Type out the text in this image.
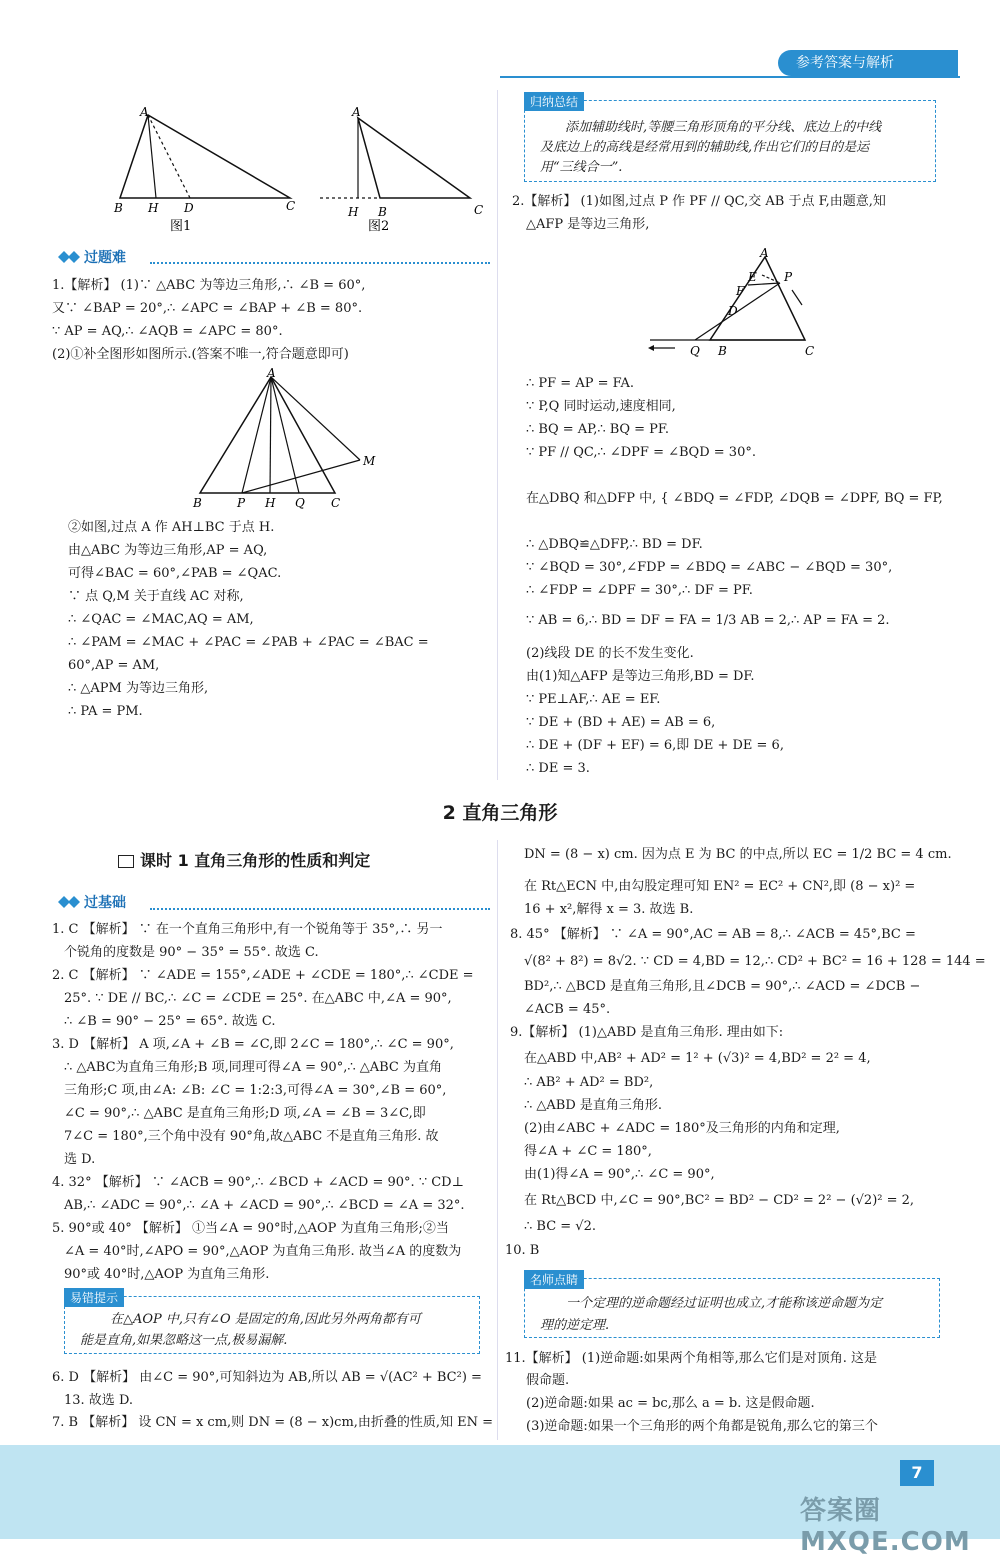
参考答案与解析
A
B H D	C
A
H B	C
图1	图2
过题难
1.【解析】 (1)∵ △ABC 为等边三角形,∴ ∠B = 60°,
又∵ ∠BAP = 20°,∴ ∠APC = ∠BAP + ∠B = 80°.
∵ AP = AQ,∴ ∠AQB = ∠APC = 80°.
(2)①补全图形如图所示.(答案不唯一,符合题意即可)
A
B	P H Q C
M
②如图,过点 A 作 AH⊥BC 于点 H.
由△ABC 为等边三角形,AP = AQ,
可得∠BAC = 60°,∠PAB = ∠QAC.
∵ 点 Q,M 关于直线 AC 对称,
∴ ∠QAC = ∠MAC,AQ = AM,
∴ ∠PAM = ∠MAC + ∠PAC = ∠PAB + ∠PAC = ∠BAC =
60°,AP = AM,
∴ △APM 为等边三角形,
∴ PA = PM.
归纳总结
添加辅助线时,等腰三角形顶角的平分线、底边上的中线
及底边上的高线是经常用到的辅助线,作出它们的目的是运
用“三线合一”.
2.【解析】 (1)如图,过点 P 作 PF // QC,交 AB 于点 F,由题意,知
△AFP 是等边三角形,
A
E P
F
D
Q B	C
∴ PF = AP = FA.
∵ P,Q 同时运动,速度相同,
∴ BQ = AP,∴ BQ = PF.
∵ PF // QC,∴ ∠DPF = ∠BQD = 30°.
在△DBQ 和△DFP 中, { ∠BDQ = ∠FDP, ∠DQB = ∠DPF, BQ = FP,
∴ △DBQ≌△DFP,∴ BD = DF.
∵ ∠BQD = 30°,∠FDP = ∠BDQ = ∠ABC − ∠BQD = 30°,
∴ ∠FDP = ∠DPF = 30°,∴ DF = PF.
∵ AB = 6,∴ BD = DF = FA = 1/3 AB = 2,∴ AP = FA = 2.
(2)线段 DE 的长不发生变化.
由(1)知△AFP 是等边三角形,BD = DF.
∵ PE⊥AF,∴ AE = EF.
∵ DE + (BD + AE) = AB = 6,
∴ DE + (DF + EF) = 6,即 DE + DE = 6,
∴ DE = 3.
2 直角三角形
课时 1 直角三角形的性质和判定
过基础
1. C 【解析】 ∵ 在一个直角三角形中,有一个锐角等于 35°,∴ 另一
个锐角的度数是 90° − 35° = 55°. 故选 C.
2. C 【解析】 ∵ ∠ADE = 155°,∠ADE + ∠CDE = 180°,∴ ∠CDE =
25°. ∵ DE // BC,∴ ∠C = ∠CDE = 25°. 在△ABC 中,∠A = 90°,
∴ ∠B = 90° − 25° = 65°. 故选 C.
3. D 【解析】 A 项,∠A + ∠B = ∠C,即 2∠C = 180°,∴ ∠C = 90°,
∴ △ABC为直角三角形;B 项,同理可得∠A = 90°,∴ △ABC 为直角
三角形;C 项,由∠A: ∠B: ∠C = 1:2:3,可得∠A = 30°,∠B = 60°,
∠C = 90°,∴ △ABC 是直角三角形;D 项,∠A = ∠B = 3∠C,即
7∠C = 180°,三个角中没有 90°角,故△ABC 不是直角三角形. 故
选 D.
4. 32° 【解析】 ∵ ∠ACB = 90°,∴ ∠BCD + ∠ACD = 90°. ∵ CD⊥
AB,∴ ∠ADC = 90°,∴ ∠A + ∠ACD = 90°,∴ ∠BCD = ∠A = 32°.
5. 90°或 40° 【解析】 ①当∠A = 90°时,△AOP 为直角三角形;②当
∠A = 40°时,∠APO = 90°,△AOP 为直角三角形. 故当∠A 的度数为
90°或 40°时,△AOP 为直角三角形.
易错提示
在△AOP 中,只有∠O 是固定的角,因此另外两角都有可
能是直角,如果忽略这一点,极易漏解.
6. D 【解析】 由∠C = 90°,可知斜边为 AB,所以 AB = √(AC² + BC²) =
13. 故选 D.
7. B 【解析】 设 CN = x cm,则 DN = (8 − x)cm,由折叠的性质,知 EN =
DN = (8 − x) cm. 因为点 E 为 BC 的中点,所以 EC = 1/2 BC = 4 cm.
在 Rt△ECN 中,由勾股定理可知 EN² = EC² + CN²,即 (8 − x)² =
16 + x²,解得 x = 3. 故选 B.
8. 45° 【解析】 ∵ ∠A = 90°,AC = AB = 8,∴ ∠ACB = 45°,BC =
√(8² + 8²) = 8√2. ∵ CD = 4,BD = 12,∴ CD² + BC² = 16 + 128 = 144 =
BD²,∴ △BCD 是直角三角形,且∠DCB = 90°,∴ ∠ACD = ∠DCB −
∠ACB = 45°.
9.【解析】 (1)△ABD 是直角三角形. 理由如下:
在△ABD 中,AB² + AD² = 1² + (√3)² = 4,BD² = 2² = 4,
∴ AB² + AD² = BD²,
∴ △ABD 是直角三角形.
(2)由∠ABC + ∠ADC = 180°及三角形的内角和定理,
得∠A + ∠C = 180°,
由(1)得∠A = 90°,∴ ∠C = 90°,
在 Rt△BCD 中,∠C = 90°,BC² = BD² − CD² = 2² − (√2)² = 2,
∴ BC = √2.
10. B
名师点睛
一个定理的逆命题经过证明也成立,才能称该逆命题为定
理的逆定理.
11.【解析】 (1)逆命题:如果两个角相等,那么它们是对顶角. 这是
假命题.
(2)逆命题:如果 ac = bc,那么 a = b. 这是假命题.
(3)逆命题:如果一个三角形的两个角都是锐角,那么它的第三个
7
答案圈 MXQE.COM
